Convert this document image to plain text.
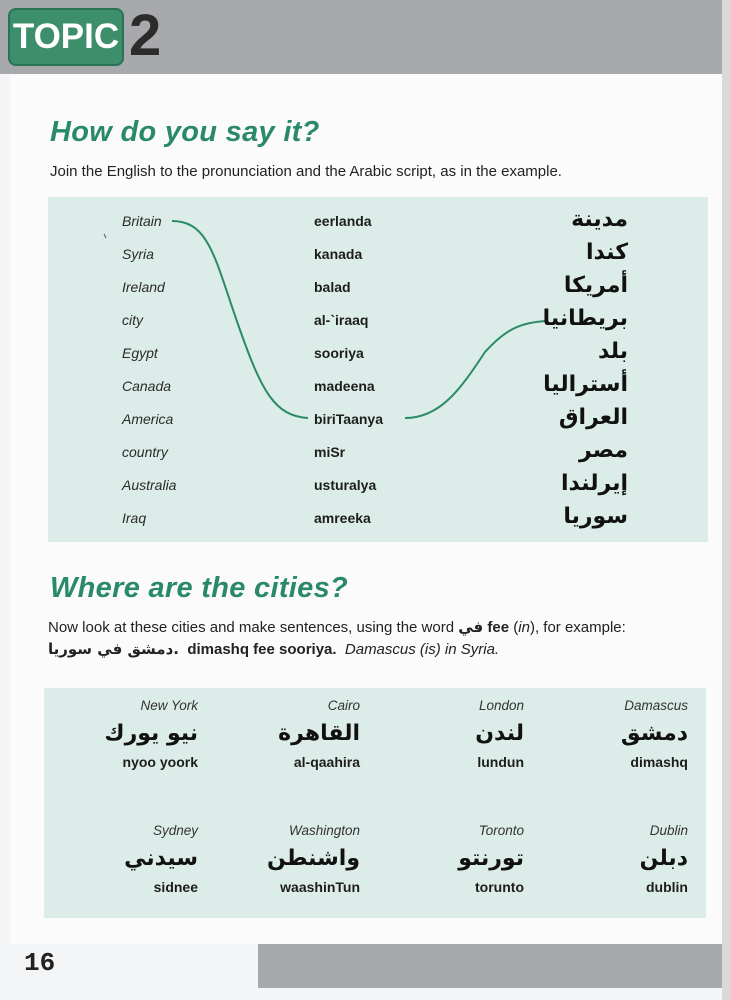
TOPIC 2
How do you say it?

Join the English to the pronunciation and the Arabic script, as in the example.

Britain
Syria
Ireland
city
Egypt
Canada
America
country
Australia
Iraq
eerlanda
kanada
balad
al-`iraaq
sooriya
madeena
biriTaanya
miSr
usturalya
amreeka
مدينة
كندا
أمريكا
بريطانيا
بلد
أستراليا
العراق
مصر
إيرلندا
سوريا
Where are the cities?

Now look at these cities and make sentences, using the word في fee (in), for example:

دمشق في سوريا. dimashq fee sooriya. Damascus (is) in Syria.

New York
نيو يورك
nyoo yoork
Cairo
القاهرة
al-qaahira
London
لندن
lundun
Damascus
دمشق
dimashq
Sydney
سيدني
sidnee
Washington
واشنطن
waashinTun
Toronto
تورنتو
torunto
Dublin
دبلن
dublin
16
